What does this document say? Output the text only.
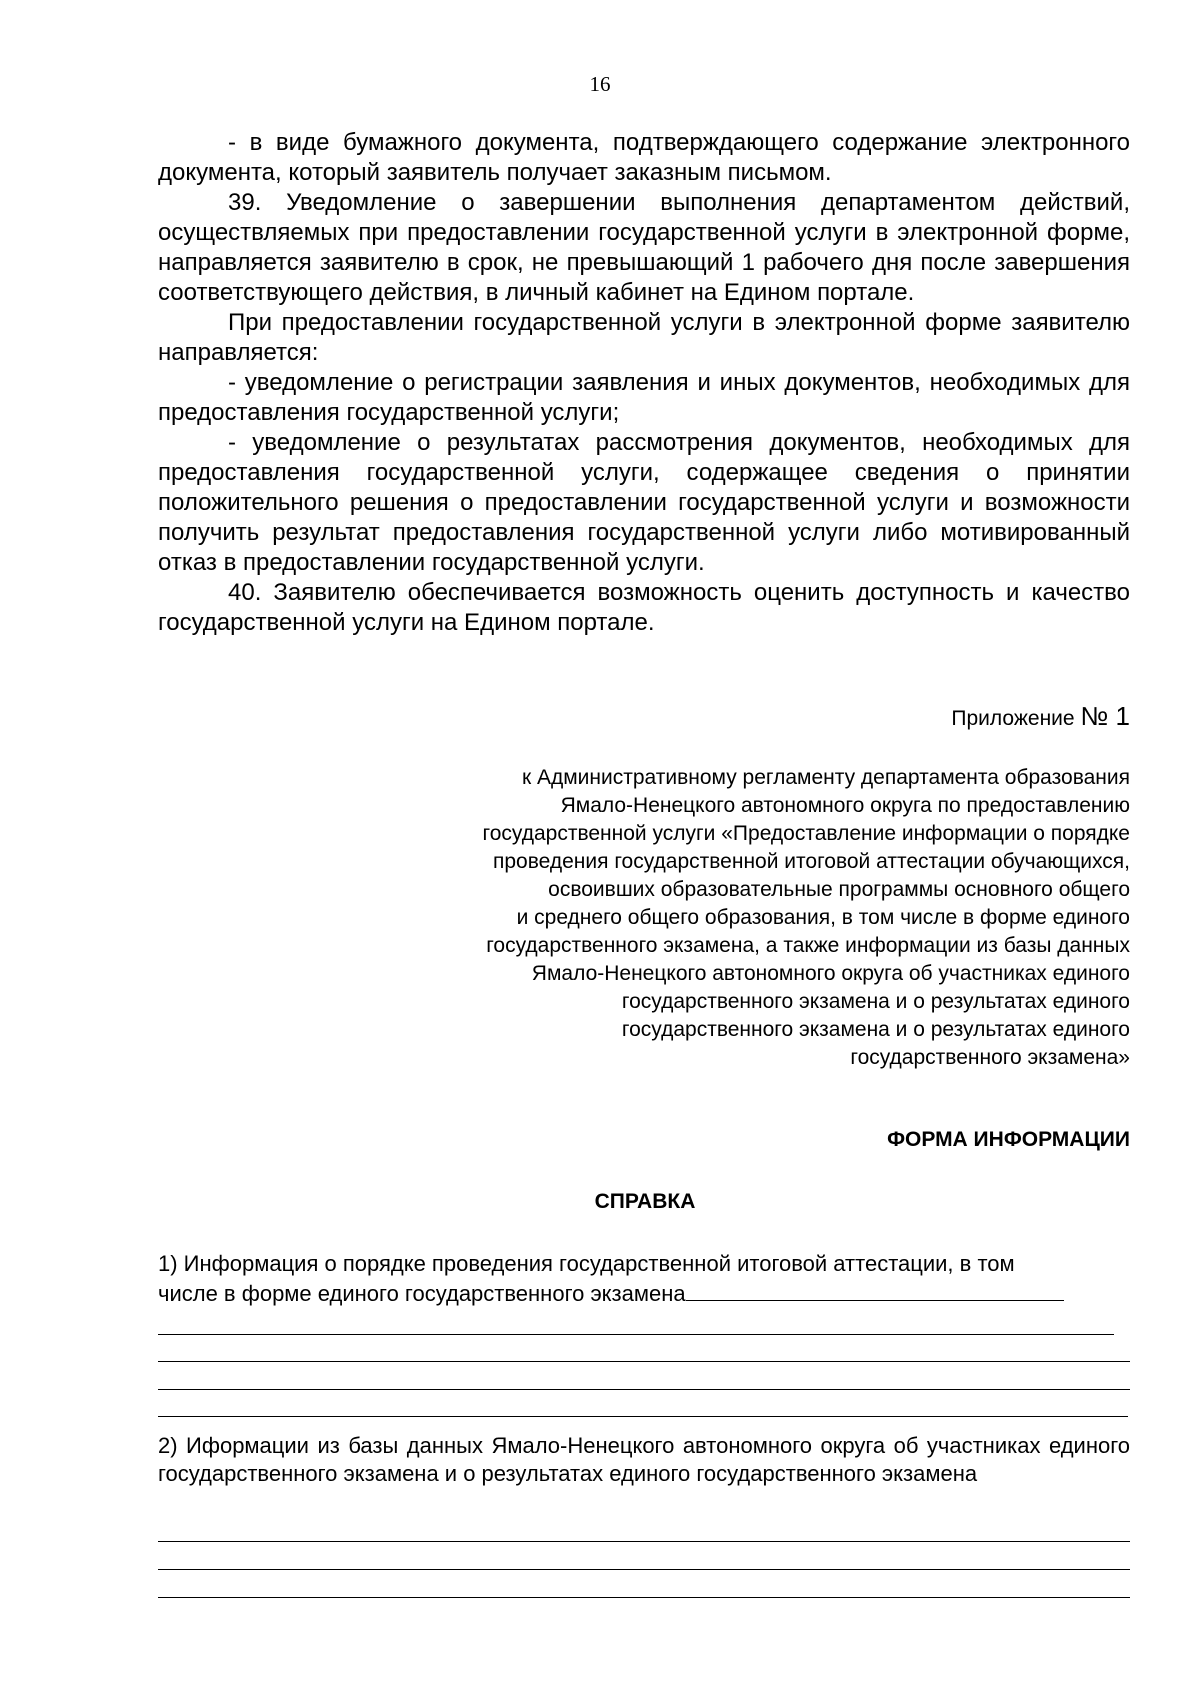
16

- в виде бумажного документа, подтверждающего содержание электронного документа, который заявитель получает заказным письмом.

39. Уведомление о завершении выполнения департаментом действий, осуществляемых при предоставлении государственной услуги в электронной форме, направляется заявителю в срок, не превышающий 1 рабочего дня после завершения соответствующего действия, в личный кабинет на Едином портале.

При предоставлении государственной услуги в электронной форме заявителю направляется:

- уведомление о регистрации заявления и иных документов, необходимых для предоставления государственной услуги;

- уведомление о результатах рассмотрения документов, необходимых для предоставления государственной услуги, содержащее сведения о принятии положительного решения о предоставлении государственной услуги и возможности получить результат предоставления государственной услуги либо мотивированный отказ в предоставлении государственной услуги.

40. Заявителю обеспечивается возможность оценить доступность и качество государственной услуги на Едином портале.

Приложение № 1
к Административному регламенту департамента образования
Ямало-Ненецкого автономного округа по предоставлению
государственной услуги «Предоставление информации о порядке
проведения государственной итоговой аттестации обучающихся,
освоивших образовательные программы основного общего
и среднего общего образования, в том числе в форме единого
государственного экзамена, а также информации из базы данных
Ямало-Ненецкого автономного округа об участниках единого
государственного экзамена и о результатах единого
государственного экзамена и о результатах единого
государственного экзамена»
ФОРМА ИНФОРМАЦИИ
СПРАВКА
1) Информация о порядке проведения государственной итоговой аттестации, в том
числе в форме единого государственного экзамена
2) Иформации из базы данных Ямало-Ненецкого автономного округа об участниках единого государственного экзамена и о результатах единого государственного экзамена
